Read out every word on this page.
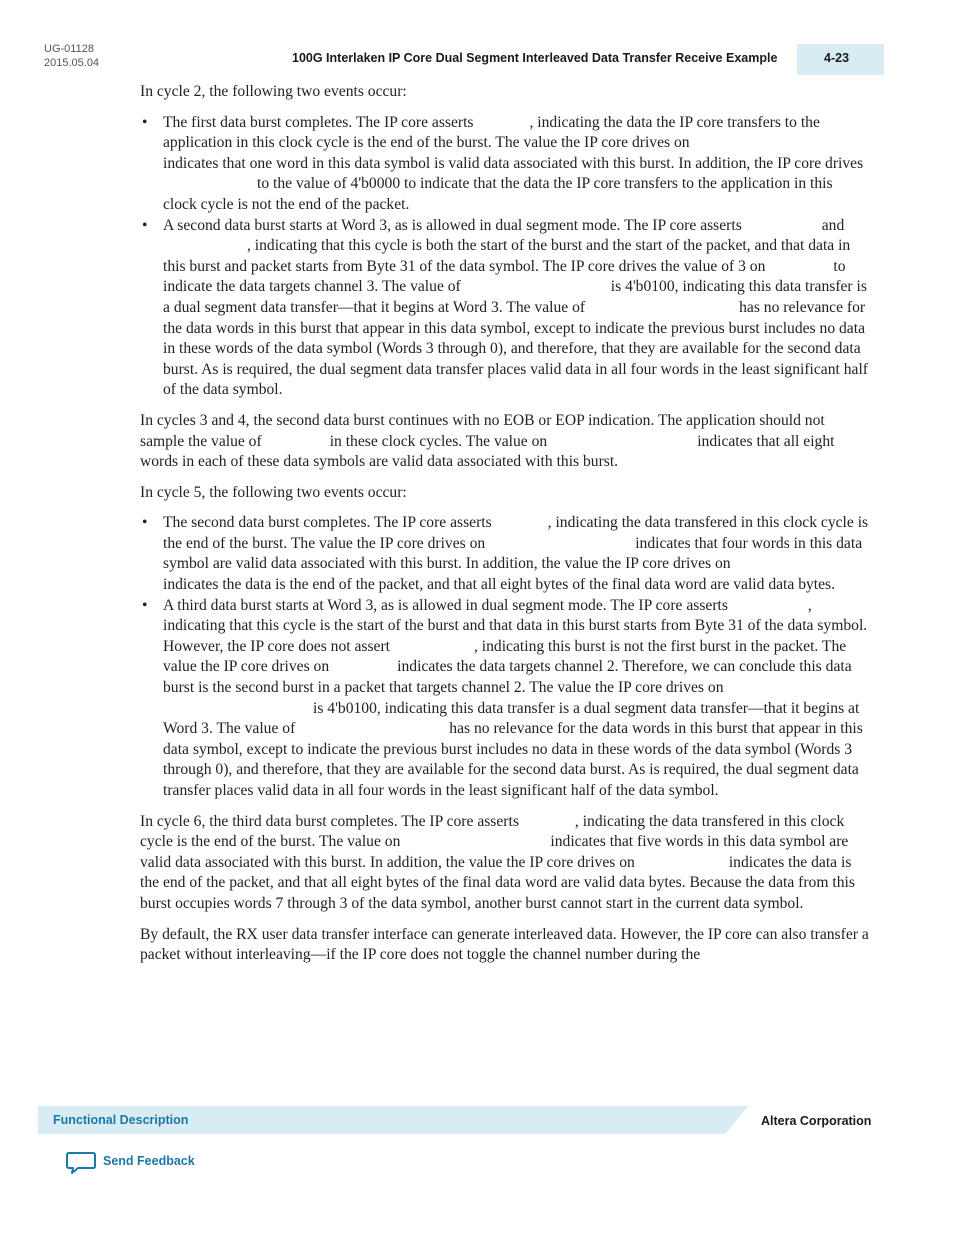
UG-01128
2015.05.04	100G Interlaken IP Core Dual Segment Interleaved Data Transfer Receive Example	4-23

In cycle 2, the following two events occur:

• The first data burst completes. The IP core asserts	, indicating the data the IP core transfers to the application in this clock cycle is the end of the burst. The value the IP core drives onindicates that one word in this data symbol is valid data associated with this burst. In addition, the IP core drivesto the value of 4'b0000 to indicate that the data the IP core transfers to the application in this clock cycle is not the end of the packet.
• A second data burst starts at Word 3, as is allowed in dual segment mode. The IP core asserts	and, indicating that this cycle is both the start of the burst and the start of the packet, and that data in this burst and packet starts from Byte 31 of the data symbol. The IP core drives the value of 3 on	to indicate the data targets channel 3. The value of	is 4'b0100, indicating this data transfer is a dual segment data transfer—that it begins at Word 3. The value of	has no relevance for the data words in this burst that appear in this data symbol, except to indicate the previous burst includes no data in these words of the data symbol (Words 3 through 0), and therefore, that they are available for the second data burst. As is required, the dual segment data transfer places valid data in all four words in the least significant half of the data symbol.

In cycles 3 and 4, the second data burst continues with no EOB or EOP indication. The application should not sample the value of	in these clock cycles. The value on	indicates that all eight words in each of these data symbols are valid data associated with this burst.

In cycle 5, the following two events occur:

• The second data burst completes. The IP core asserts	, indicating the data transfered in this clock cycle is the end of the burst. The value the IP core drives on	indicates that four words in this data symbol are valid data associated with this burst. In addition, the value the IP core drives onindicates the data is the end of the packet, and that all eight bytes of the final data word are valid data bytes.
• A third data burst starts at Word 3, as is allowed in dual segment mode. The IP core asserts	, indicating that this cycle is the start of the burst and that data in this burst starts from Byte 31 of the data symbol. However, the IP core does not assert	, indicating this burst is not the first burst in the packet. The value the IP core drives on	indicates the data targets channel 2. Therefore, we can conclude this data burst is the second burst in a packet that targets channel 2. The value the IP core drives onis 4'b0100, indicating this data transfer is a dual segment data transfer—that it begins at Word 3. The value of	has no relevance for the data words in this burst that appear in this data symbol, except to indicate the previous burst includes no data in these words of the data symbol (Words 3 through 0), and therefore, that they are available for the second data burst. As is required, the dual segment data transfer places valid data in all four words in the least significant half of the data symbol.

In cycle 6, the third data burst completes. The IP core asserts	, indicating the data transfered in this clock cycle is the end of the burst. The value on	indicates that five words in this data symbol are valid data associated with this burst. In addition, the value the IP core drives on	indicates the data is the end of the packet, and that all eight bytes of the final data word are valid data bytes. Because the data from this burst occupies words 7 through 3 of the data symbol, another burst cannot start in the current data symbol.

By default, the RX user data transfer interface can generate interleaved data. However, the IP core can also transfer a packet without interleaving—if the IP core does not toggle the channel number during the

Functional Description	Altera Corporation
Send Feedback
